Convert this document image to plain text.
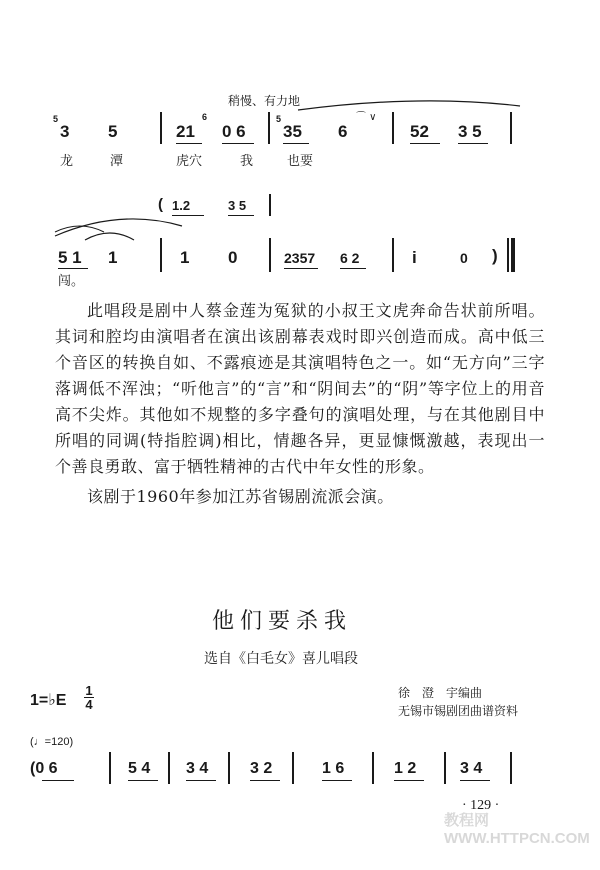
稍慢、有力地
5
3 5	21
6
0 6
5
35 6
⌒ ∨
52 3 5
龙	潭	虎穴	我	也要
( 1.2	3 5
5 1 1	1 0	2357 6 2	i	0 )
闯。

此唱段是剧中人蔡金莲为冤狱的小叔王文虎奔命告状前所唱。其词和腔均由演唱者在演出该剧幕表戏时即兴创造而成。高中低三个音区的转换自如、不露痕迹是其演唱特色之一。如“无方向”三字落调低不浑浊；“听他言”的“言”和“阴间去”的“阴”等字位上的用音高不尖炸。其他如不规整的多字叠句的演唱处理，与在其他剧目中所唱的同调(特指腔调)相比，情趣各异，更显慷慨激越，表现出一个善良勇敢、富于牺牲精神的古代中年女性的形象。

该剧于1960年参加江苏省锡剧流派会演。

他们要杀我
选自《白毛女》喜儿唱段
1=♭E
1
4
徐　澄　宇编曲
无锡市锡剧团曲谱资料
(♩=120)
(0 6	5 4 3 4	3 2	1 6	1 2	3 4
· 129 ·
教程网 WWW.HTTPCN.COM
